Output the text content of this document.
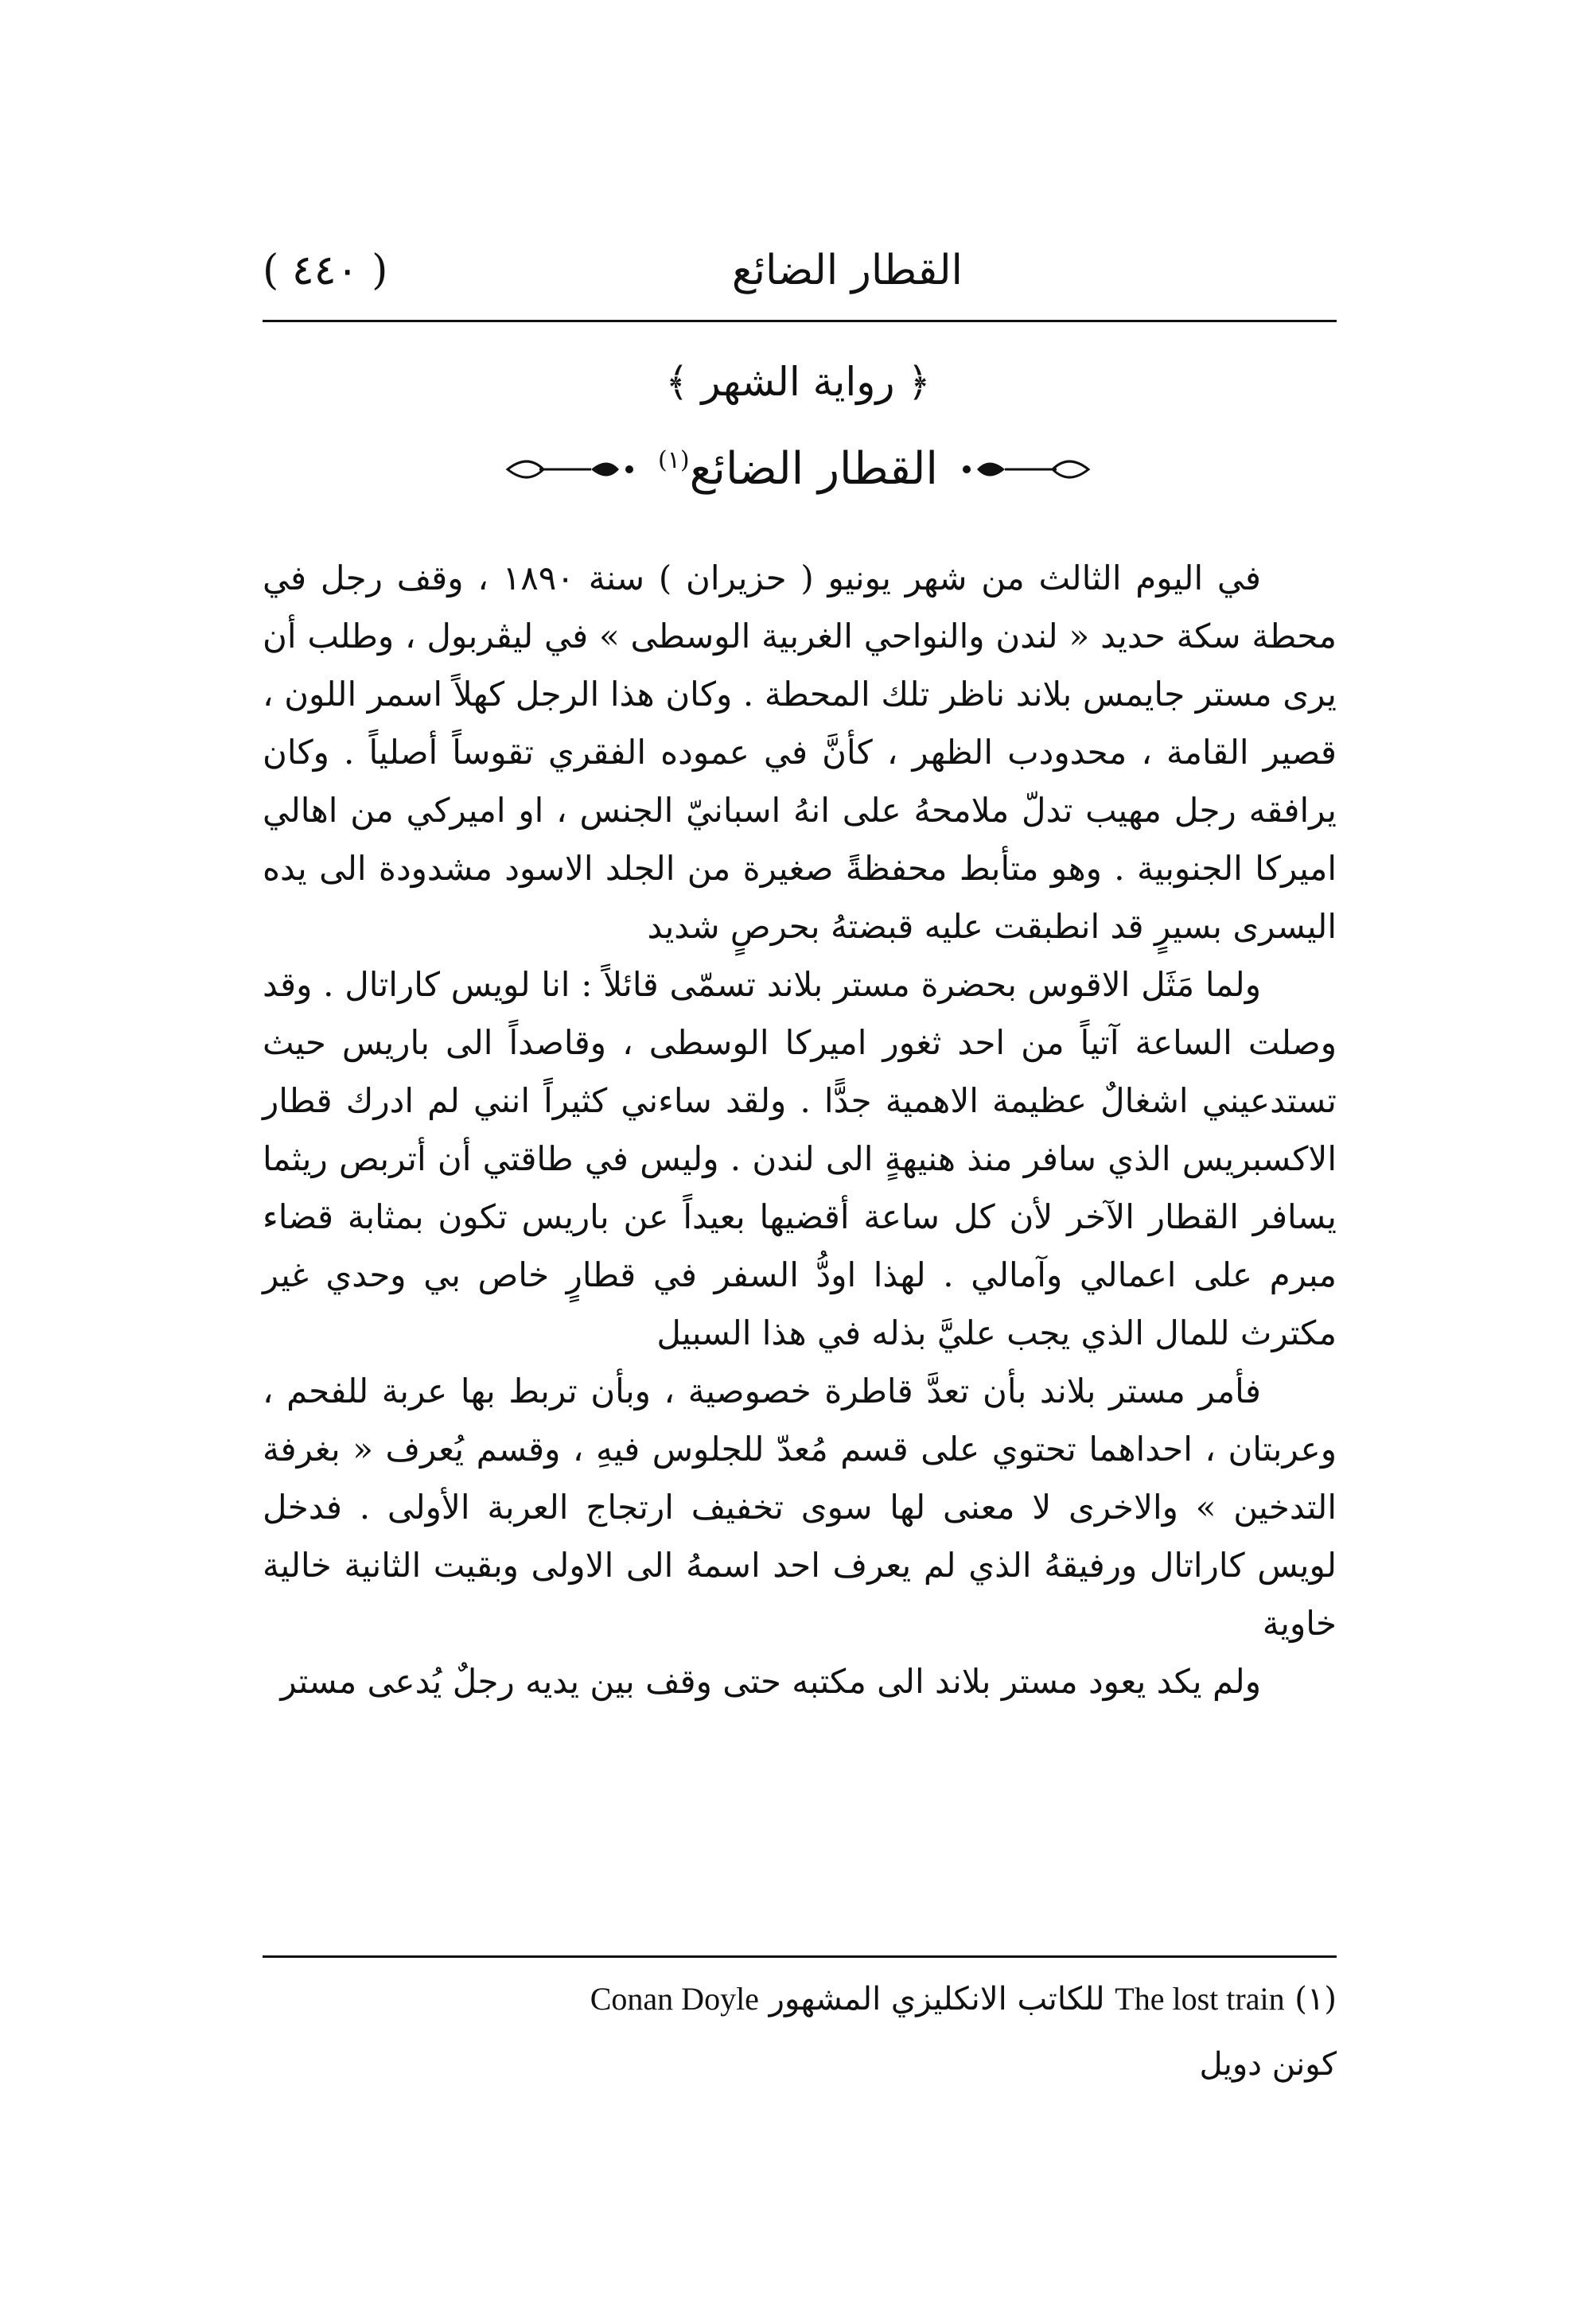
القطار الضائع
( ٤٤٠ )
﴿ رواية الشهر ﴾
القطار الضائع(١)

في اليوم الثالث من شهر يونيو ( حزيران ) سنة ١٨٩٠ ، وقف رجل في محطة سكة حديد « لندن والنواحي الغربية الوسطى » في ليڤربول ، وطلب أن يرى مستر جايمس بلاند ناظر تلك المحطة . وكان هذا الرجل كهلاً اسمر اللون ، قصير القامة ، محدودب الظهر ، كأنَّ في عموده الفقري تقوساً أصلياً . وكان يرافقه رجل مهيب تدلّ ملامحهُ على انهُ اسبانيّ الجنس ، او اميركي من اهالي اميركا الجنوبية . وهو متأبط محفظةً صغيرة من الجلد الاسود مشدودة الى يده اليسرى بسيرٍ قد انطبقت عليه قبضتهُ بحرصٍ شديد

ولما مَثَل الاقوس بحضرة مستر بلاند تسمّى قائلاً : انا لويس كاراتال . وقد وصلت الساعة آتياً من احد ثغور اميركا الوسطى ، وقاصداً الى باريس حيث تستدعيني اشغالٌ عظيمة الاهمية جدًّا . ولقد ساءني كثيراً انني لم ادرك قطار الاكسبريس الذي سافر منذ هنيهةٍ الى لندن . وليس في طاقتي أن أتربص ريثما يسافر القطار الآخر لأن كل ساعة أقضيها بعيداً عن باريس تكون بمثابة قضاء مبرم على اعمالي وآمالي . لهذا اودُّ السفر في قطارٍ خاص بي وحدي غير مكترث للمال الذي يجب عليَّ بذله في هذا السبيل

فأمر مستر بلاند بأن تعدَّ قاطرة خصوصية ، وبأن تربط بها عربة للفحم ، وعربتان ، احداهما تحتوي على قسم مُعدّ للجلوس فيهِ ، وقسم يُعرف « بغرفة التدخين » والاخرى لا معنى لها سوى تخفيف ارتجاج العربة الأولى . فدخل لويس كاراتال ورفيقهُ الذي لم يعرف احد اسمهُ الى الاولى وبقيت الثانية خالية خاوية

ولم يكد يعود مستر بلاند الى مكتبه حتى وقف بين يديه رجلٌ يُدعى مستر

(١) The lost train للكاتب الانكليزي المشهور Conan Doyle
كونن دويل
